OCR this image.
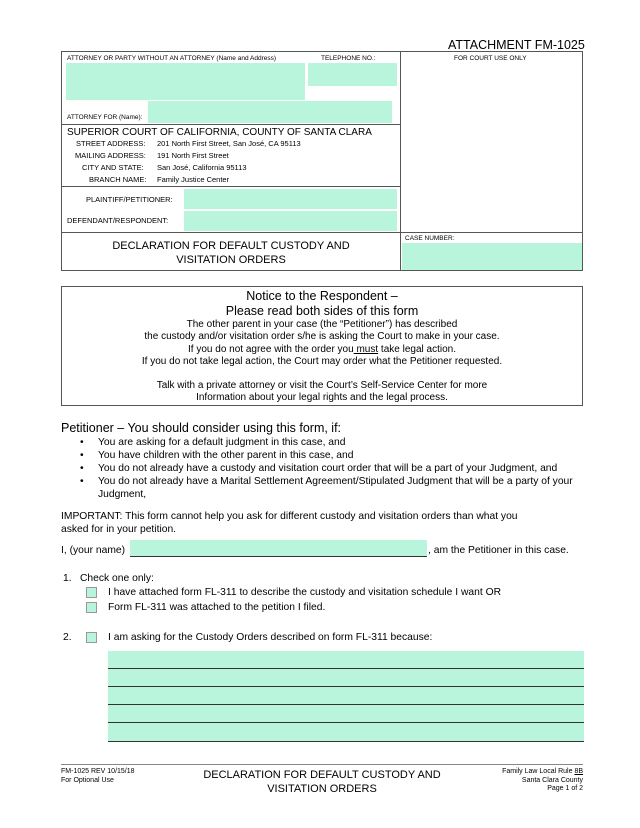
ATTACHMENT FM-1025
ATTORNEY OR PARTY WITHOUT AN ATTORNEY (Name and Address)	TELEPHONE NO.:	FOR COURT USE ONLY
ATTORNEY FOR (Name):
SUPERIOR COURT OF CALIFORNIA, COUNTY OF SANTA CLARA
STREET ADDRESS: 201 North First Street, San José, CA 95113
MAILING ADDRESS: 191 North First Street
CITY AND STATE: San José, California 95113
BRANCH NAME: Family Justice Center
PLAINTIFF/PETITIONER:
DEFENDANT/RESPONDENT:
DECLARATION FOR DEFAULT CUSTODY AND
VISITATION ORDERS
CASE NUMBER:
Notice to the Respondent –
Please read both sides of this form
The other parent in your case (the “Petitioner”) has described
the custody and/or visitation order s/he is asking the Court to make in your case.
If you do not agree with the order you must take legal action.
If you do not take legal action, the Court may order what the Petitioner requested.
Talk with a private attorney or visit the Court’s Self-Service Center for more
Information about your legal rights and the legal process.
Petitioner – You should consider using this form, if:
• You are asking for a default judgment in this case, and
• You have children with the other parent in this case, and
• You do not already have a custody and visitation court order that will be a part of your Judgment, and
• You do not already have a Marital Settlement Agreement/Stipulated Judgment that will be a party of your Judgment,
IMPORTANT: This form cannot help you ask for different custody and visitation orders than what you
asked for in your petition.
I, (your name)	, am the Petitioner in this case.
1. Check one only:
I have attached form FL-311 to describe the custody and visitation schedule I want OR
Form FL-311 was attached to the petition I filed.
2.	I am asking for the Custody Orders described on form FL-311 because:
FM-1025 REV 10/15/18
For Optional Use	DECLARATION FOR DEFAULT CUSTODY AND
VISITATION ORDERS
Family Law Local Rule 8B
Santa Clara County
Page 1 of 2
